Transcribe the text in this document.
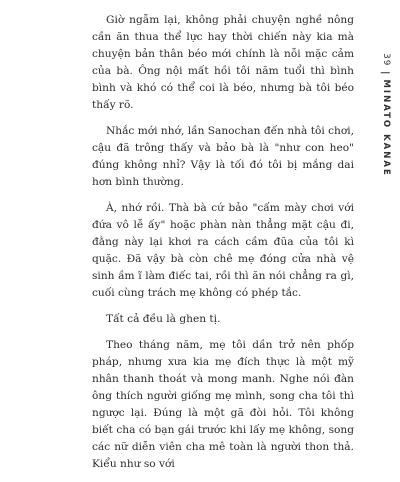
Giờ ngẫm lại, không phải chuyện nghề nông cần ăn thua thể lực hay thời chiến này kia mà chuyện bản thân béo mới chính là nỗi mặc cảm của bà. Ông nội mất hồi tôi năm tuổi thì bình bình và khó có thể coi là béo, nhưng bà tôi béo thấy rõ.

Nhắc mới nhớ, lần Sanochan đến nhà tôi chơi, cậu đã trông thấy và bảo bà là "như con heo" đúng không nhỉ? Vậy là tối đó tôi bị mắng dai hơn bình thường.

À, nhớ rồi. Thà bà cứ bảo "cấm mày chơi với đứa vô lễ ấy" hoặc phàn nàn thẳng mặt cậu đi, đằng này lại khơi ra cách cầm đũa của tôi kì quặc. Đã vậy bà còn chê mẹ đóng cửa nhà vệ sinh ầm ĩ làm điếc tai, rồi thì ăn nói chẳng ra gì, cuối cùng trách mẹ không có phép tắc.

Tất cả đều là ghen tị.

Theo tháng năm, mẹ tôi dần trở nên phốp pháp, nhưng xưa kia mẹ đích thực là một mỹ nhân thanh thoát và mong manh. Nghe nói đàn ông thích người giống mẹ mình, song cha tôi thì ngược lại. Đúng là một gã đòi hỏi. Tôi không biết cha có bạn gái trước khi lấy mẹ không, song các nữ diễn viên cha mê toàn là người thon thả. Kiểu như so với

39
MINATO KANAE
